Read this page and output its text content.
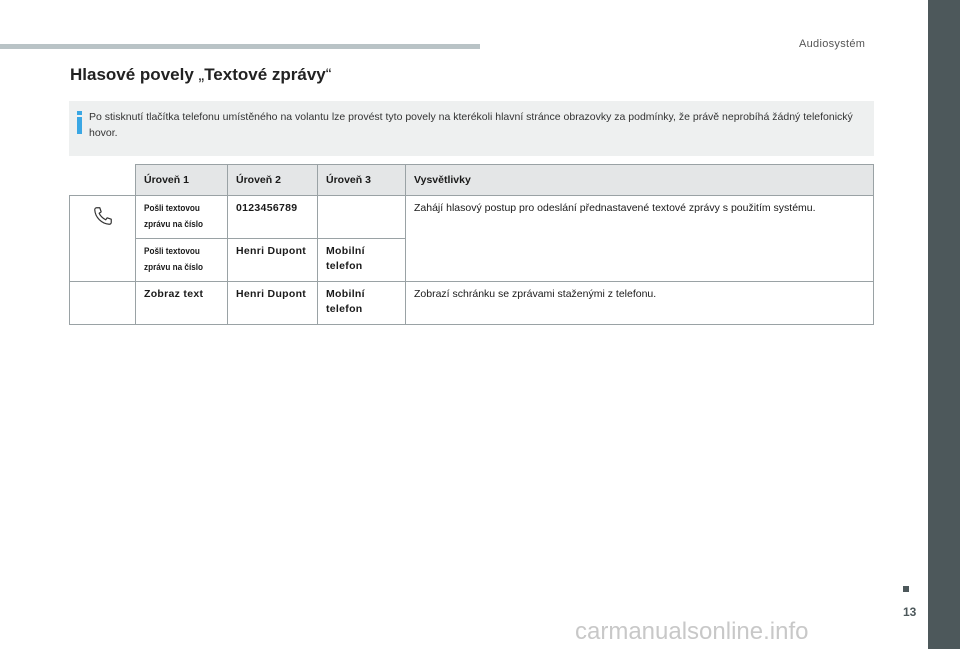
Audiosystém
Hlasové povely „Textové zprávy“
Po stisknutí tlačítka telefonu umístěného na volantu lze provést tyto povely na kterékoli hlavní stránce obrazovky za podmínky, že právě neprobíhá žádný telefonický hovor.
	Úroveň 1	Úroveň 2	Úroveň 3	Vysvětlivky
	Pošli textovou zprávu na číslo	0123456789		Zahájí hlasový postup pro odeslání přednastavené textové zprávy s použitím systému.
	Pošli textovou zprávu na číslo	Henri Dupont	Mobilní telefon	
	Zobraz text	Henri Dupont	Mobilní telefon	Zobrazí schránku se zprávami staženými z telefonu.
13
carmanualsonline.info
